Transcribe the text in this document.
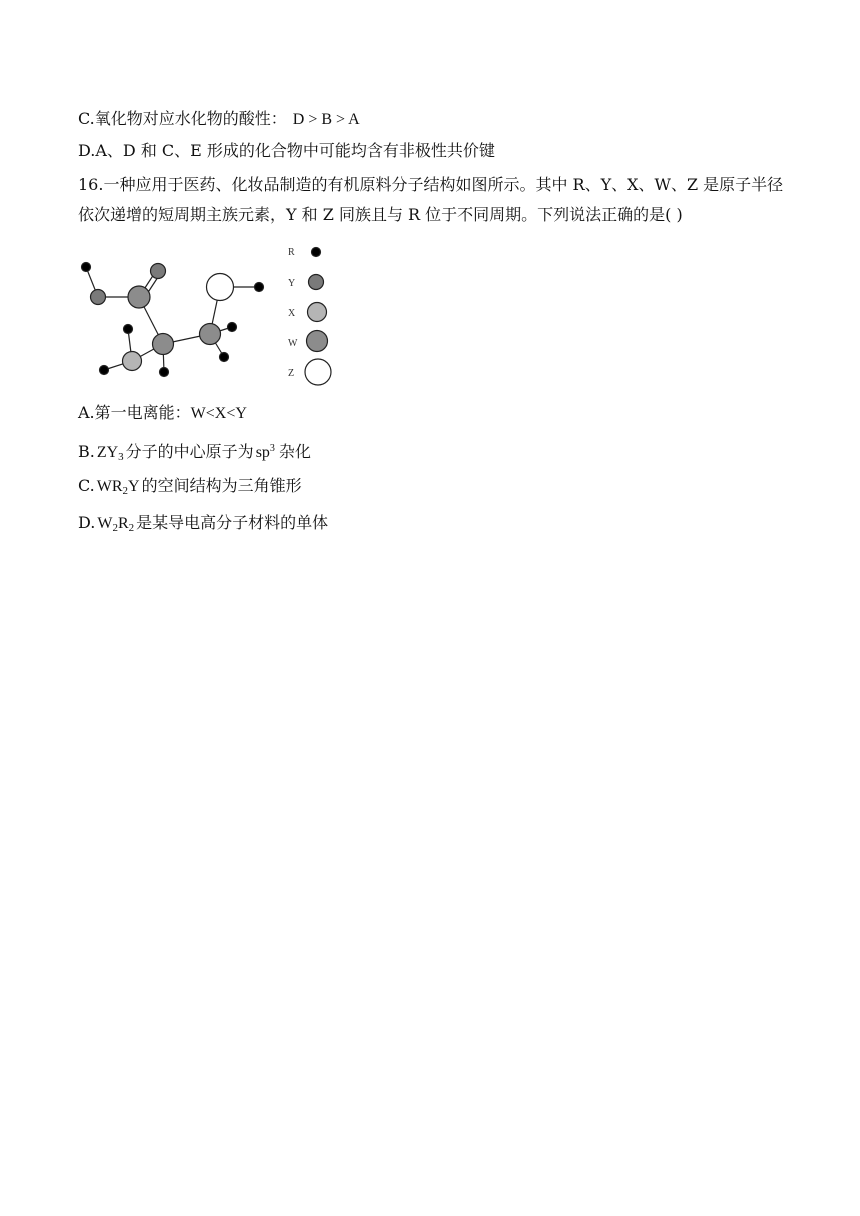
C.氧化物对应水化物的酸性： D > B > A
D.A、D 和 C、E 形成的化合物中可能均含有非极性共价键
16.一种应用于医药、化妆品制造的有机原料分子结构如图所示。其中 R、Y、X、W、Z 是原子半径依次递增的短周期主族元素，Y 和 Z 同族且与 R 位于不同周期。下列说法正确的是( )
R
Y
X
W
Z
A.第一电离能：W<X<Y
B. $ZY_3$ 分子的中心原子为 $sp^3$ 杂化
C. $WR_2Y$ 的空间结构为三角锥形
D. $W_2R_2$ 是某导电高分子材料的单体
